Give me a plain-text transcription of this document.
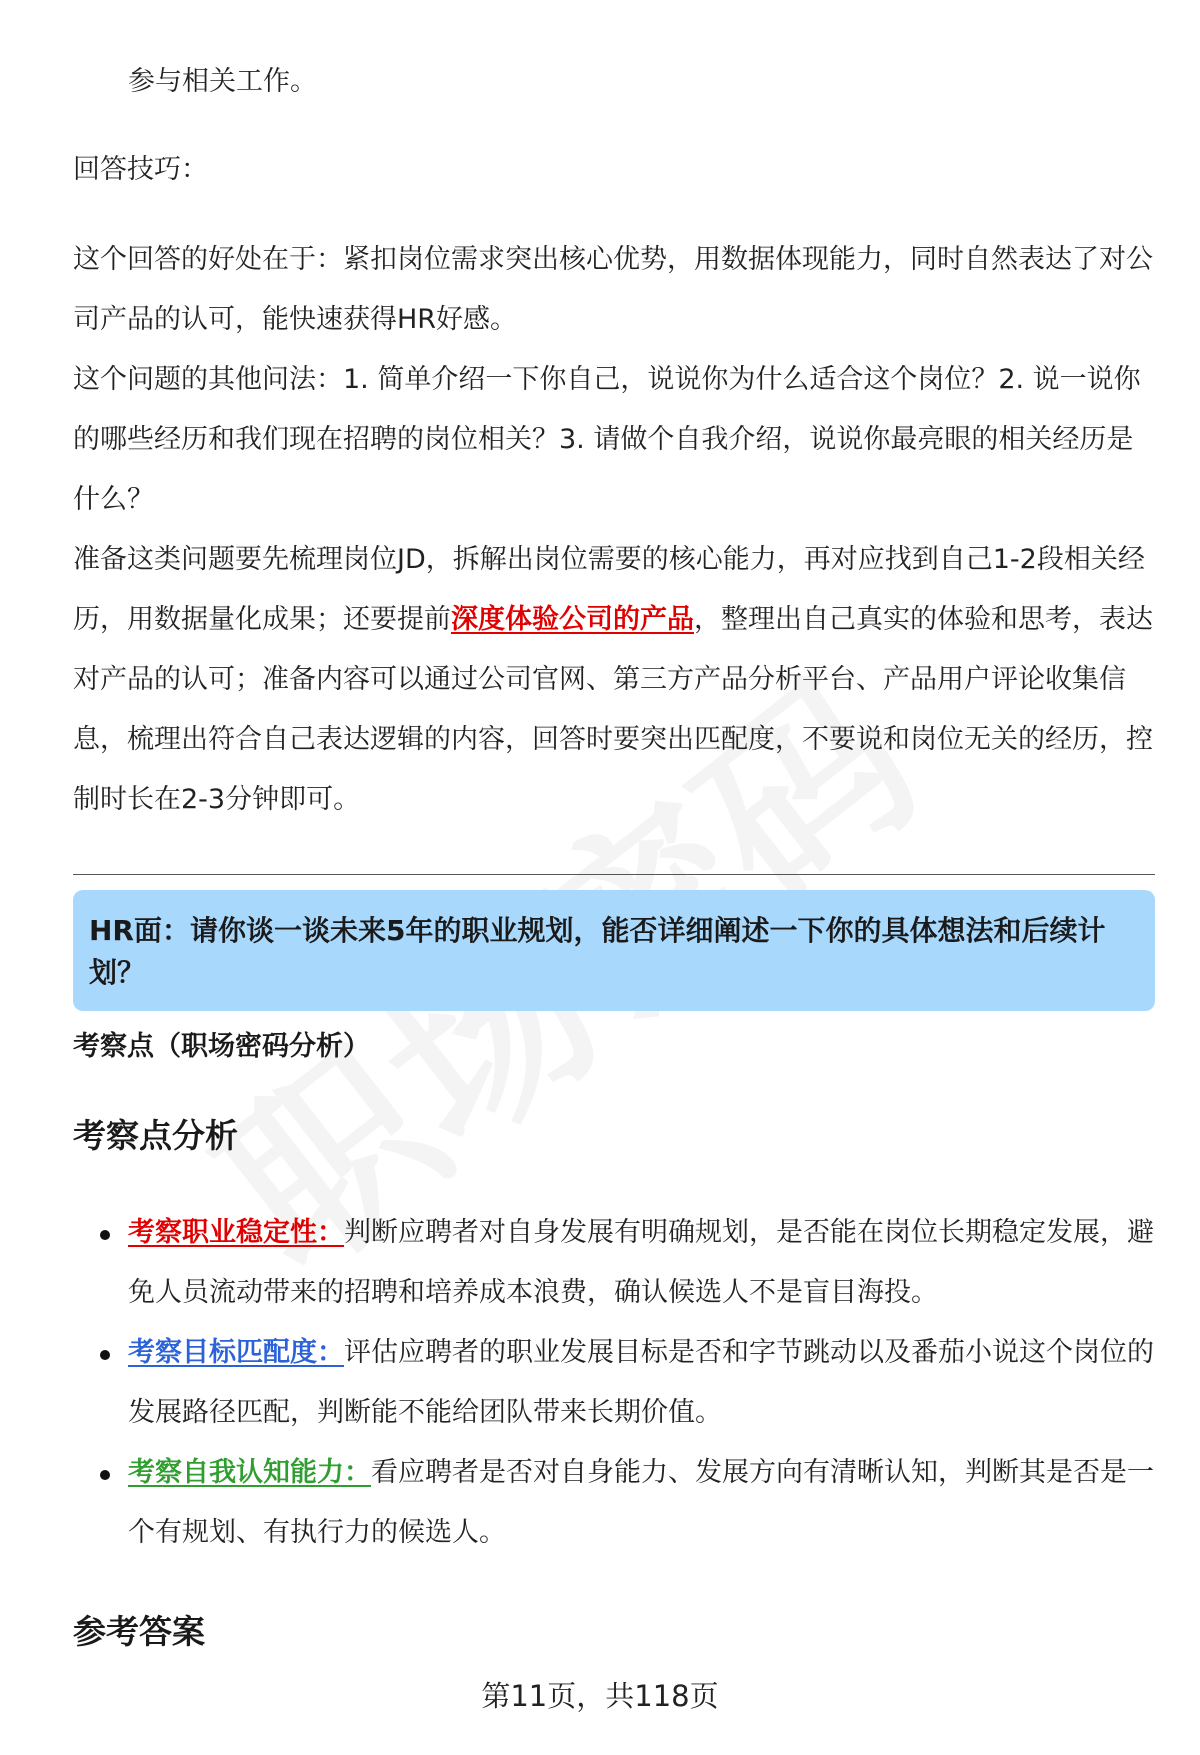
参与相关工作。

回答技巧：

这个回答的好处在于：紧扣岗位需求突出核心优势，用数据体现能力，同时自然表达了对公司产品的认可，能快速获得HR好感。

这个问题的其他问法：1. 简单介绍一下你自己，说说你为什么适合这个岗位？2. 说一说你的哪些经历和我们现在招聘的岗位相关？3. 请做个自我介绍，说说你最亮眼的相关经历是什么？

准备这类问题要先梳理岗位JD，拆解出岗位需要的核心能力，再对应找到自己1-2段相关经历，用数据量化成果；还要提前深度体验公司的产品，整理出自己真实的体验和思考，表达对产品的认可；准备内容可以通过公司官网、第三方产品分析平台、产品用户评论收集信息，梳理出符合自己表达逻辑的内容，回答时要突出匹配度，不要说和岗位无关的经历，控制时长在2-3分钟即可。

HR面：请你谈一谈未来5年的职业规划，能否详细阐述一下你的具体想法和后续计划？

考察点（职场密码分析）

考察点分析

考察职业稳定性：判断应聘者对自身发展有明确规划，是否能在岗位长期稳定发展，避免人员流动带来的招聘和培养成本浪费，确认候选人不是盲目海投。
考察目标匹配度：评估应聘者的职业发展目标是否和字节跳动以及番茄小说这个岗位的发展路径匹配，判断能不能给团队带来长期价值。
考察自我认知能力：看应聘者是否对自身能力、发展方向有清晰认知，判断其是否是一个有规划、有执行力的候选人。

参考答案

第11页，共118页
